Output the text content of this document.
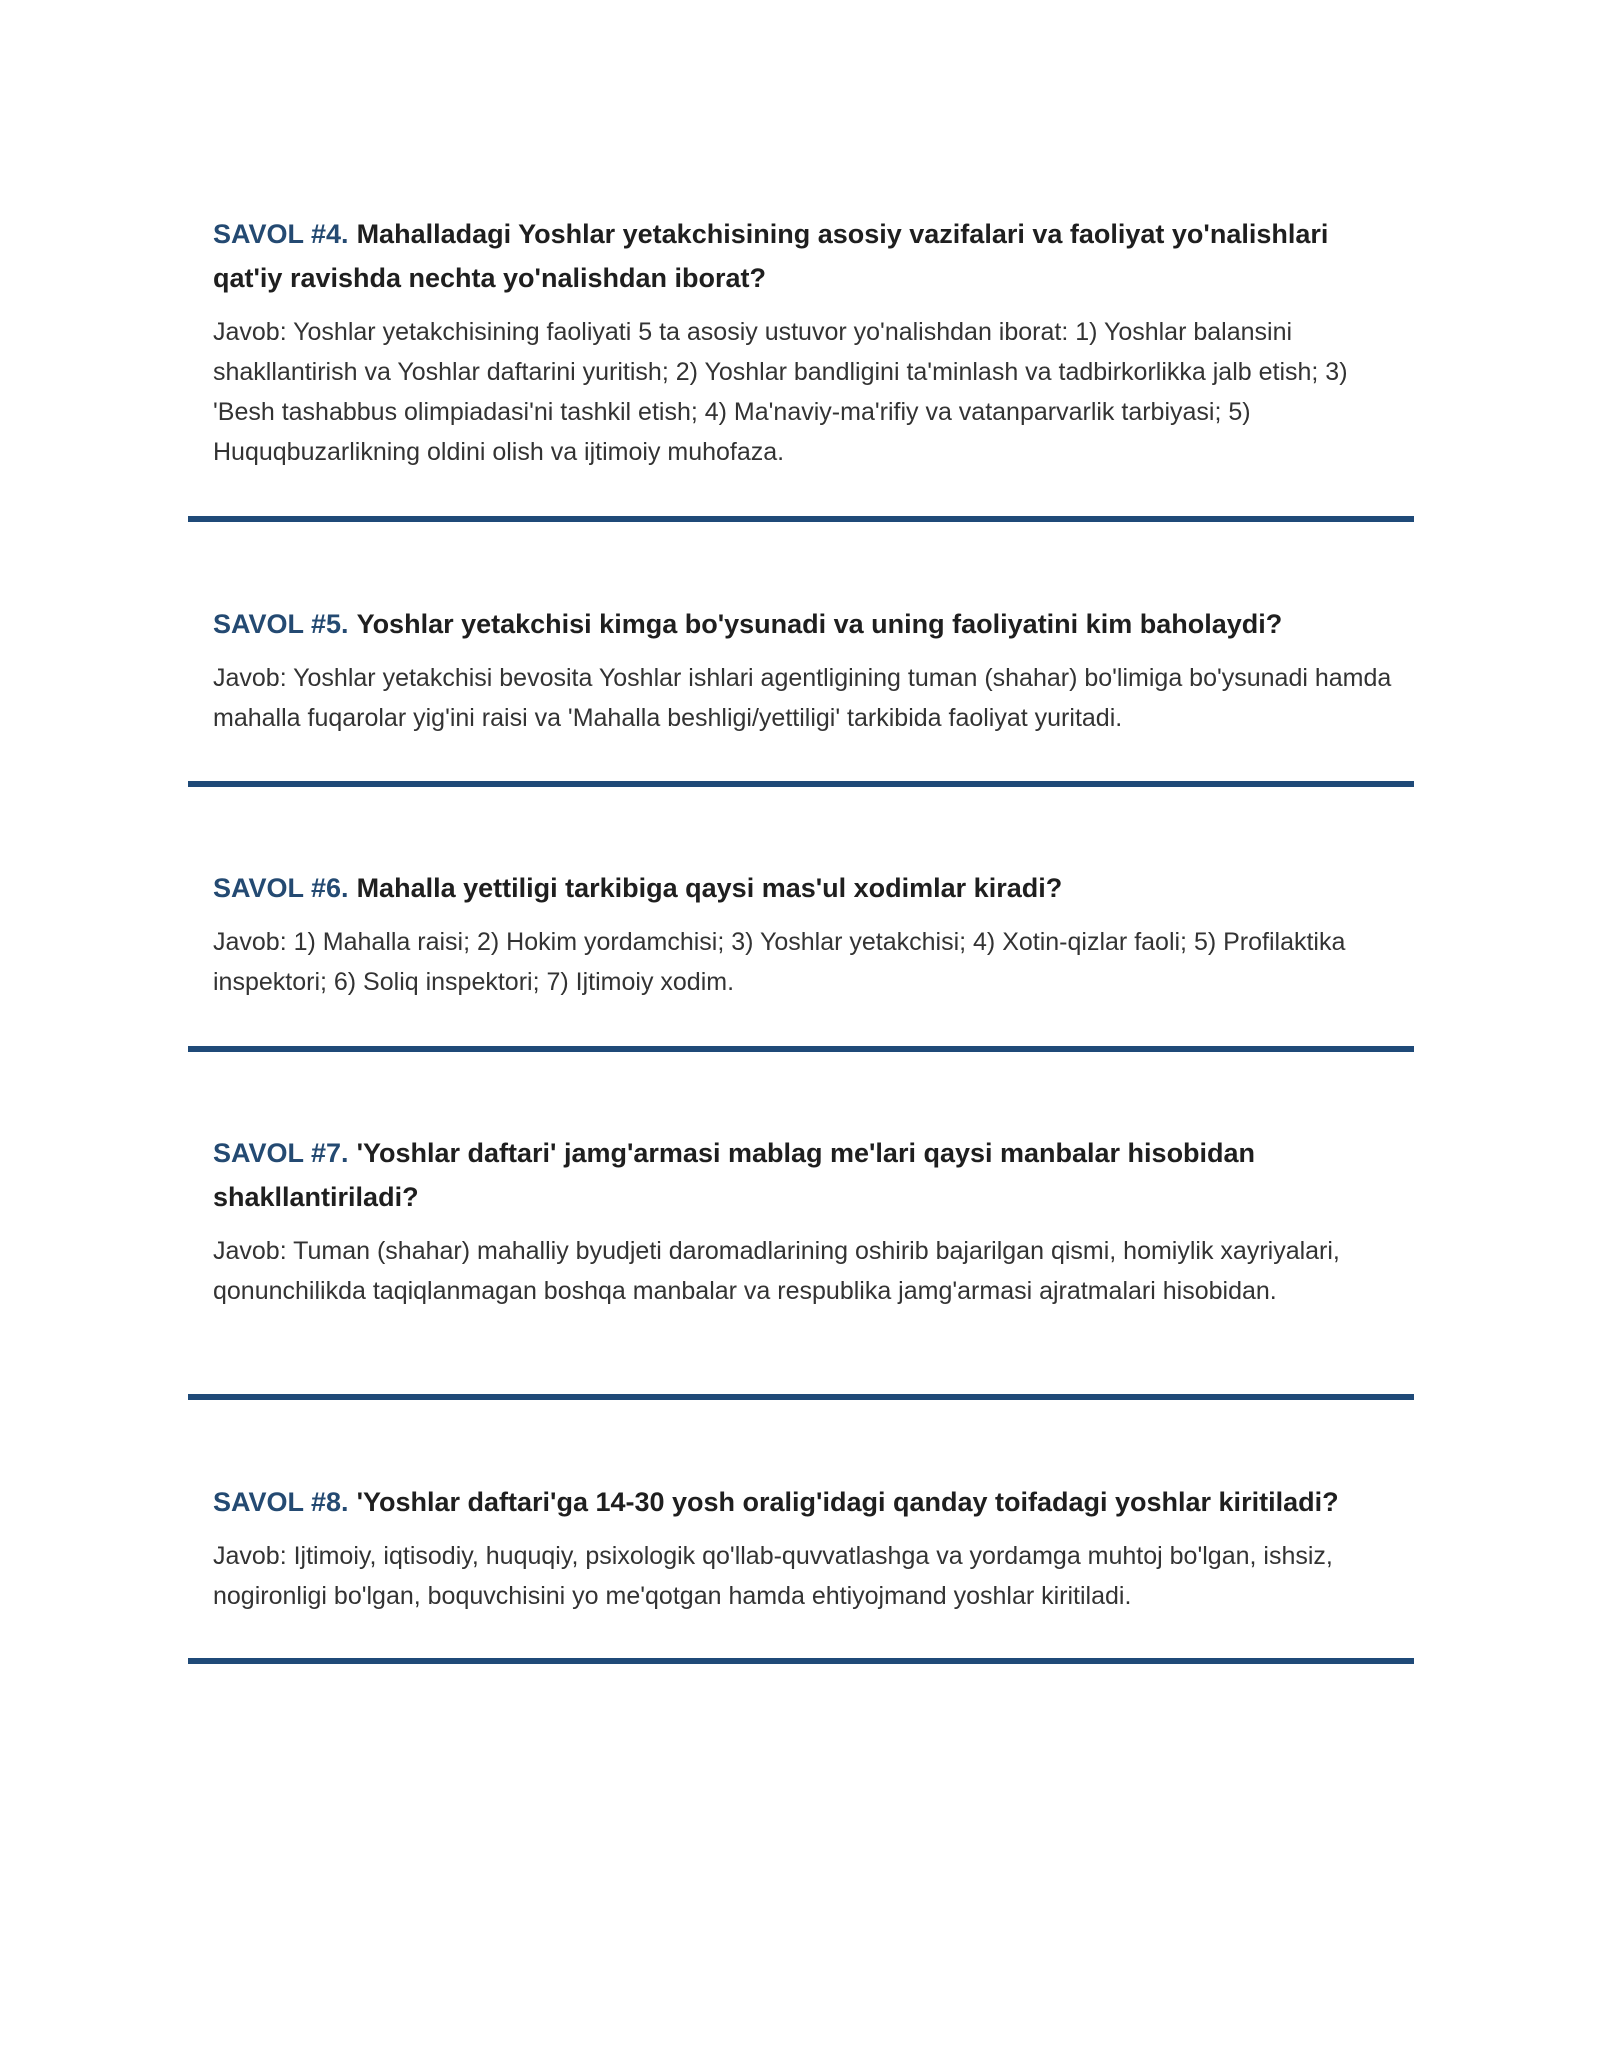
SAVOL #4. Mahalladagi Yoshlar yetakchisining asosiy vazifalari va faoliyat yo'nalishlari qat'iy ravishda nechta yo'nalishdan iborat?

Javob: Yoshlar yetakchisining faoliyati 5 ta asosiy ustuvor yo'nalishdan iborat: 1) Yoshlar balansini shakllantirish va Yoshlar daftarini yuritish; 2) Yoshlar bandligini ta'minlash va tadbirkorlikka jalb etish; 3) 'Besh tashabbus olimpiadasi'ni tashkil etish; 4) Ma'naviy-ma'rifiy va vatanparvarlik tarbiyasi; 5) Huquqbuzarlikning oldini olish va ijtimoiy muhofaza.

SAVOL #5. Yoshlar yetakchisi kimga bo'ysunadi va uning faoliyatini kim baholaydi?

Javob: Yoshlar yetakchisi bevosita Yoshlar ishlari agentligining tuman (shahar) bo'limiga bo'ysunadi hamda mahalla fuqarolar yig'ini raisi va 'Mahalla beshligi/yettiligi' tarkibida faoliyat yuritadi.

SAVOL #6. Mahalla yettiligi tarkibiga qaysi mas'ul xodimlar kiradi?

Javob: 1) Mahalla raisi; 2) Hokim yordamchisi; 3) Yoshlar yetakchisi; 4) Xotin-qizlar faoli; 5) Profilaktika inspektori; 6) Soliq inspektori; 7) Ijtimoiy xodim.

SAVOL #7. 'Yoshlar daftari' jamg'armasi mablag me'lari qaysi manbalar hisobidan shakllantiriladi?

Javob: Tuman (shahar) mahalliy byudjeti daromadlarining oshirib bajarilgan qismi, homiylik xayriyalari, qonunchilikda taqiqlanmagan boshqa manbalar va respublika jamg'armasi ajratmalari hisobidan.

SAVOL #8. 'Yoshlar daftari'ga 14-30 yosh oralig'idagi qanday toifadagi yoshlar kiritiladi?

Javob: Ijtimoiy, iqtisodiy, huquqiy, psixologik qo'llab-quvvatlashga va yordamga muhtoj bo'lgan, ishsiz, nogironligi bo'lgan, boquvchisini yo me'qotgan hamda ehtiyojmand yoshlar kiritiladi.
